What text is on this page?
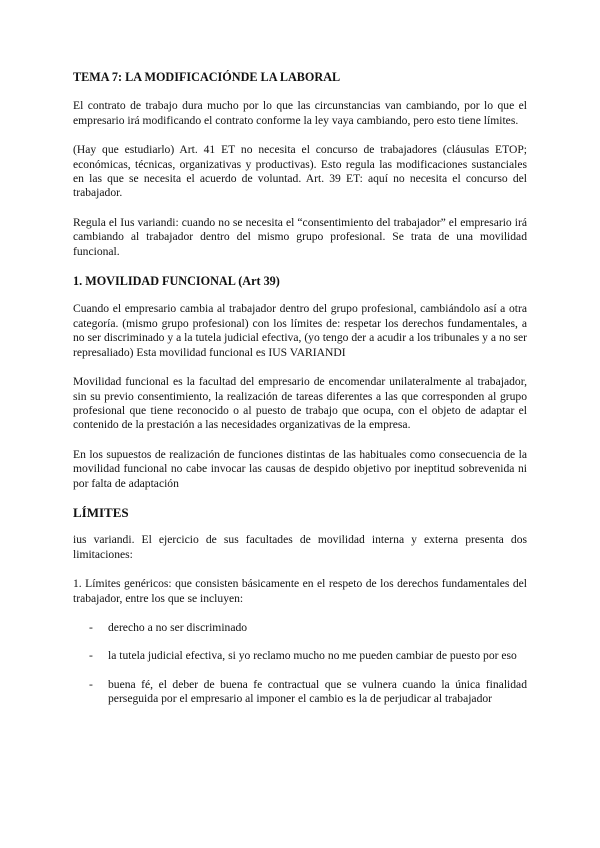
TEMA 7: LA MODIFICACIÓNDE LA LABORAL

El contrato de trabajo dura mucho por lo que las circunstancias van cambiando, por lo que el empresario irá modificando el contrato conforme la ley vaya cambiando, pero esto tiene límites.

(Hay que estudiarlo) Art. 41 ET no necesita el concurso de trabajadores (cláusulas ETOP; económicas, técnicas, organizativas y productivas). Esto regula las modificaciones sustanciales en las que se necesita el acuerdo de voluntad. Art. 39 ET: aquí no necesita el concurso del trabajador.

Regula el Ius variandi: cuando no se necesita el “consentimiento del trabajador” el empresario irá cambiando al trabajador dentro del mismo grupo profesional. Se trata de una movilidad funcional.

1. MOVILIDAD FUNCIONAL (Art 39)

Cuando el empresario cambia al trabajador dentro del grupo profesional, cambiándolo así a otra categoría. (mismo grupo profesional) con los límites de: respetar los derechos fundamentales, a no ser discriminado y a la tutela judicial efectiva, (yo tengo der a acudir a los tribunales y a no ser represaliado) Esta movilidad funcional es IUS VARIANDI

Movilidad funcional es la facultad del empresario de encomendar unilateralmente al trabajador, sin su previo consentimiento, la realización de tareas diferentes a las que corresponden al grupo profesional que tiene reconocido o al puesto de trabajo que ocupa, con el objeto de adaptar el contenido de la prestación a las necesidades organizativas de la empresa.

En los supuestos de realización de funciones distintas de las habituales como consecuencia de la movilidad funcional no cabe invocar las causas de despido objetivo por ineptitud sobrevenida ni por falta de adaptación

LÍMITES

ius variandi. El ejercicio de sus facultades de movilidad interna y externa presenta dos limitaciones:

1. Límites genéricos: que consisten básicamente en el respeto de los derechos fundamentales del trabajador, entre los que se incluyen:

- derecho a no ser discriminado
- la tutela judicial efectiva, si yo reclamo mucho no me pueden cambiar de puesto por eso
- buena fé, el deber de buena fe contractual que se vulnera cuando la única finalidad perseguida por el empresario al imponer el cambio es la de perjudicar al trabajador
